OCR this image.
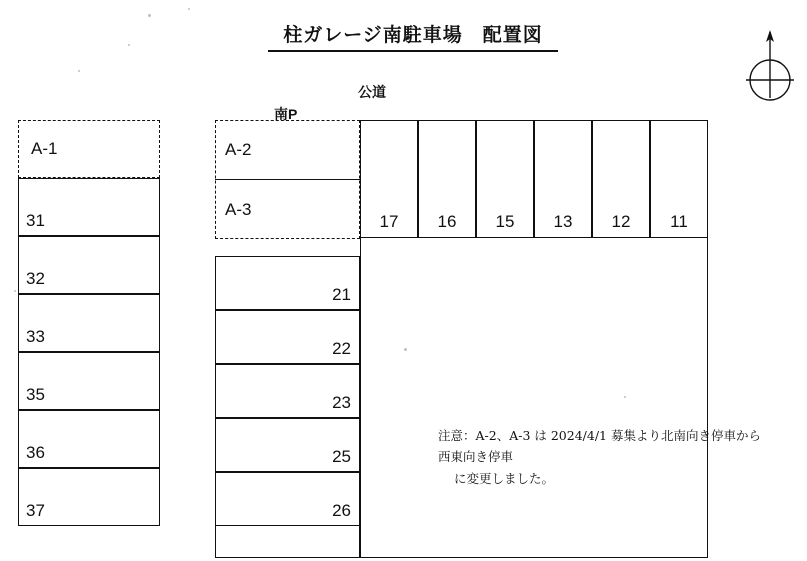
柱ガレージ南駐車場　配置図
公道
南P
A-1
31
32
33
35
36
37
A-2
A-3
21
22
23
25
26
17 16 15 13 12 11
注意：A-2、A-3 は 2024/4/1 募集より北南向き停車から西東向き停車
に変更しました。
